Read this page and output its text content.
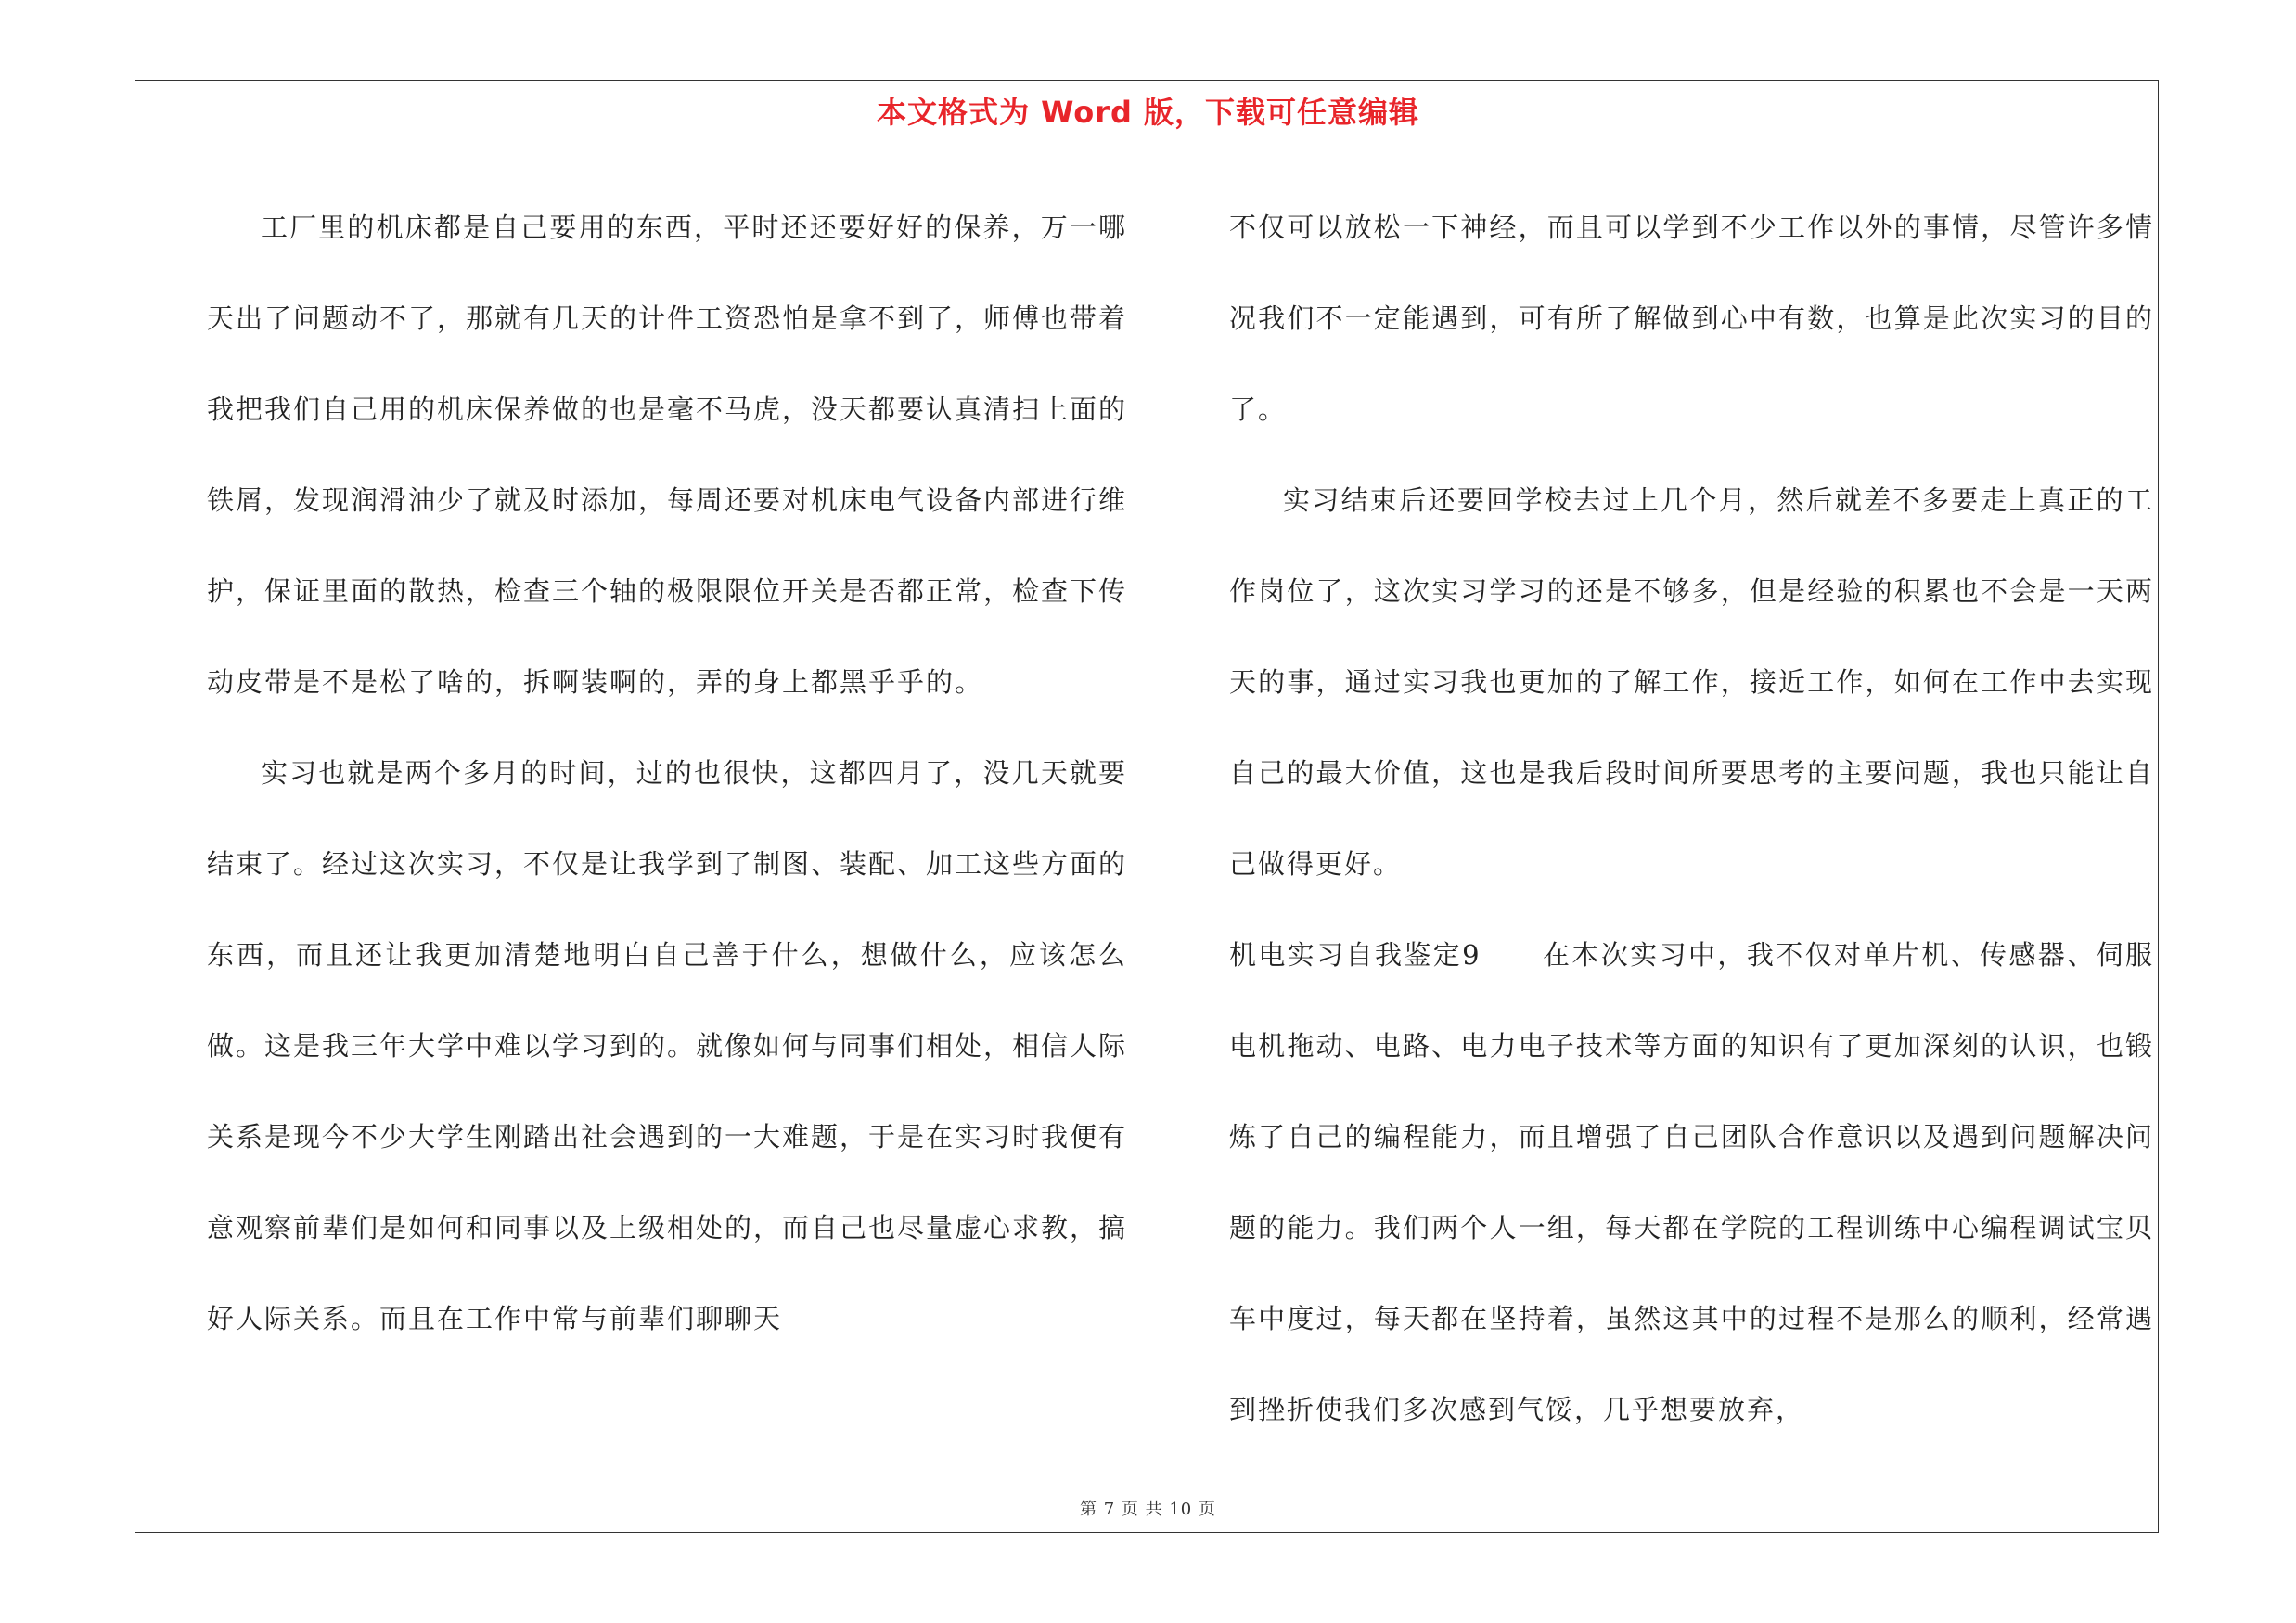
本文格式为 Word 版，下载可任意编辑

工厂里的机床都是自己要用的东西，平时还还要好好的保养，万一哪天出了问题动不了，那就有几天的计件工资恐怕是拿不到了，师傅也带着我把我们自己用的机床保养做的也是毫不马虎，没天都要认真清扫上面的铁屑，发现润滑油少了就及时添加，每周还要对机床电气设备内部进行维护，保证里面的散热，检查三个轴的极限限位开关是否都正常，检查下传动皮带是不是松了啥的，拆啊装啊的，弄的身上都黑乎乎的。

实习也就是两个多月的时间，过的也很快，这都四月了，没几天就要结束了。经过这次实习，不仅是让我学到了制图、装配、加工这些方面的东西，而且还让我更加清楚地明白自己善于什么，想做什么，应该怎么做。这是我三年大学中难以学习到的。就像如何与同事们相处，相信人际关系是现今不少大学生刚踏出社会遇到的一大难题，于是在实习时我便有意观察前辈们是如何和同事以及上级相处的，而自己也尽量虚心求教，搞好人际关系。而且在工作中常与前辈们聊聊天

不仅可以放松一下神经，而且可以学到不少工作以外的事情，尽管许多情况我们不一定能遇到，可有所了解做到心中有数，也算是此次实习的目的了。

实习结束后还要回学校去过上几个月，然后就差不多要走上真正的工作岗位了，这次实习学习的还是不够多，但是经验的积累也不会是一天两天的事，通过实习我也更加的了解工作，接近工作，如何在工作中去实现自己的最大价值，这也是我后段时间所要思考的主要问题，我也只能让自己做得更好。

机电实习自我鉴定9 在本次实习中，我不仅对单片机、传感器、伺服电机拖动、电路、电力电子技术等方面的知识有了更加深刻的认识，也锻炼了自己的编程能力，而且增强了自己团队合作意识以及遇到问题解决问题的能力。我们两个人一组，每天都在学院的工程训练中心编程调试宝贝车中度过，每天都在坚持着，虽然这其中的过程不是那么的顺利，经常遇到挫折使我们多次感到气馁，几乎想要放弃，

第 7 页 共 10 页
